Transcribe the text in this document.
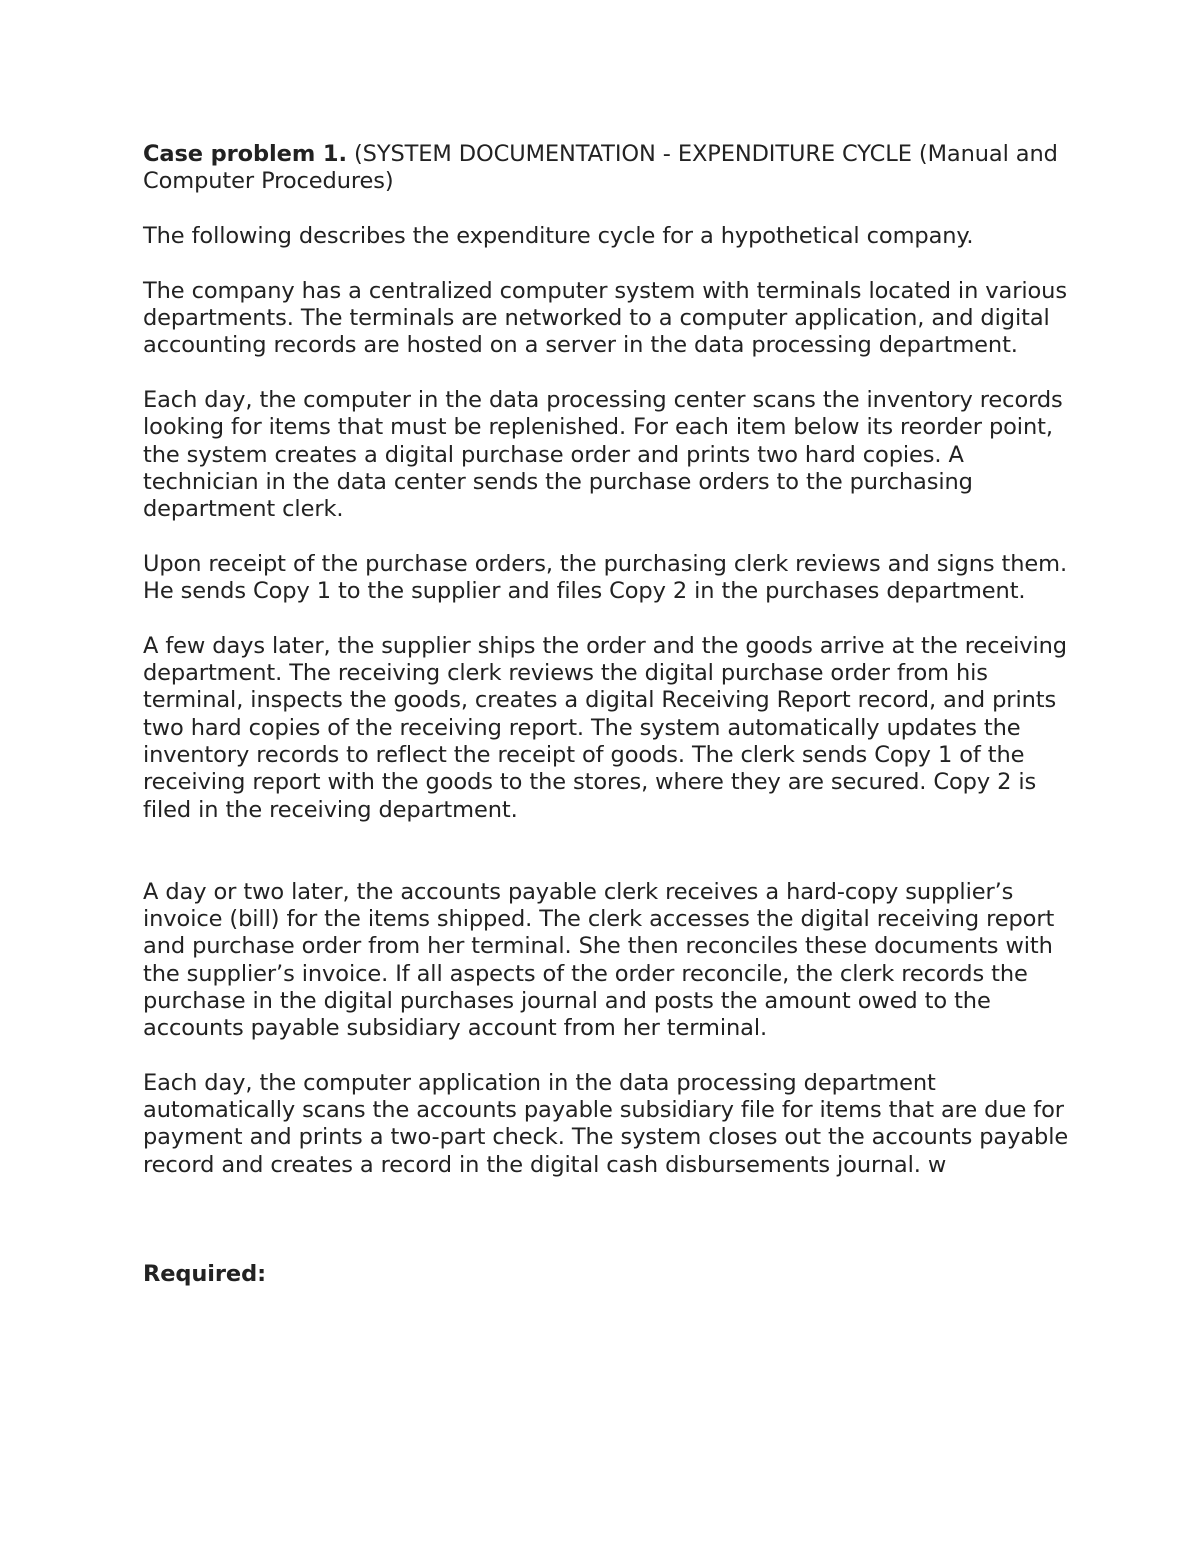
Case problem 1. (SYSTEM DOCUMENTATION - EXPENDITURE CYCLE (Manual and Computer Procedures)

The following describes the expenditure cycle for a hypothetical company.

The company has a centralized computer system with terminals located in various departments. The terminals are networked to a computer application, and digital accounting records are hosted on a server in the data processing department.

Each day, the computer in the data processing center scans the inventory records looking for items that must be replenished. For each item below its reorder point, the system creates a digital purchase order and prints two hard copies. A technician in the data center sends the purchase orders to the purchasing department clerk.

Upon receipt of the purchase orders, the purchasing clerk reviews and signs them. He sends Copy 1 to the supplier and files Copy 2 in the purchases department.

A few days later, the supplier ships the order and the goods arrive at the receiving department. The receiving clerk reviews the digital purchase order from his terminal, inspects the goods, creates a digital Receiving Report record, and prints two hard copies of the receiving report. The system automatically updates the inventory records to reflect the receipt of goods. The clerk sends Copy 1 of the receiving report with the goods to the stores, where they are secured. Copy 2 is filed in the receiving department.

A day or two later, the accounts payable clerk receives a hard-copy supplier’s invoice (bill) for the items shipped. The clerk accesses the digital receiving report and purchase order from her terminal. She then reconciles these documents with the supplier’s invoice. If all aspects of the order reconcile, the clerk records the purchase in the digital purchases journal and posts the amount owed to the accounts payable subsidiary account from her terminal.

Each day, the computer application in the data processing department automatically scans the accounts payable subsidiary file for items that are due for payment and prints a two-part check. The system closes out the accounts payable record and creates a record in the digital cash disbursements journal. w

Required:
